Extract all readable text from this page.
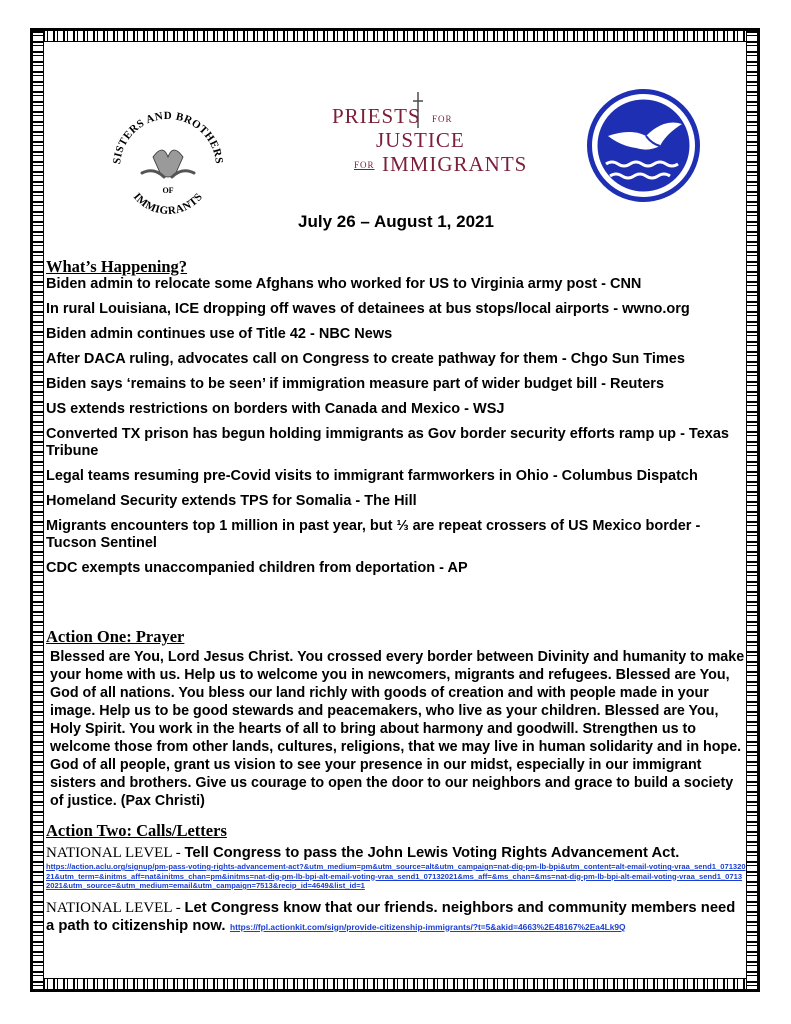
SISTERS AND BROTHERS
IMMIGRANTS
OF
PRIESTS FOR
JUSTICE
FOR IMMIGRANTS
July 26 – August 1, 2021
What’s Happening?

Biden admin to relocate some Afghans who worked for US to Virginia army post - CNN

In rural Louisiana, ICE dropping off waves of detainees at bus stops/local airports - wwno.org

Biden admin continues use of Title 42 - NBC News

After DACA ruling, advocates call on Congress to create pathway for them - Chgo Sun Times

Biden says ‘remains to be seen’ if immigration measure part of wider budget bill - Reuters

US extends restrictions on borders with Canada and Mexico - WSJ

Converted TX prison has begun holding immigrants as Gov border security efforts ramp up - Texas Tribune

Legal teams resuming pre-Covid visits to immigrant farmworkers in Ohio - Columbus Dispatch

Homeland Security extends TPS for Somalia - The Hill

Migrants encounters top 1 million in past year, but ⅓ are repeat crossers of US Mexico border - Tucson Sentinel

CDC exempts unaccompanied children from deportation - AP

Action One: Prayer

Blessed are You, Lord Jesus Christ. You crossed every border between Divinity and humanity to make your home with us. Help us to welcome you in newcomers, migrants and refugees. Blessed are You, God of all nations. You bless our land richly with goods of creation and with people made in your image. Help us to be good stewards and peacemakers, who live as your children. Blessed are You, Holy Spirit. You work in the hearts of all to bring about harmony and goodwill. Strengthen us to welcome those from other lands, cultures, religions, that we may live in human solidarity and in hope. God of all people, grant us vision to see your presence in our midst, especially in our immigrant sisters and brothers. Give us courage to open the door to our neighbors and grace to build a society of justice. (Pax Christi)

Action Two: Calls/Letters
NATIONAL LEVEL - Tell Congress to pass the John Lewis Voting Rights Advancement Act.
https://action.aclu.org/signup/pm-pass-voting-rights-advancement-act?&utm_medium=pm&utm_source=alt&utm_campaign=nat-dig-pm-lb-bpi&utm_content=alt-email-voting-vraa_send1_07132021&utm_term=&initms_aff=nat&initms_chan=pm&initms=nat-dig-pm-lb-bpi-alt-email-voting-vraa_send1_07132021&ms_aff=&ms_chan=&ms=nat-dig-pm-lb-bpi-alt-email-voting-vraa_send1_07132021&utm_source=&utm_medium=email&utm_campaign=7513&recip_id=4649&list_id=1
NATIONAL LEVEL - Let Congress know that our friends. neighbors and community members need a path to citizenship now. https://fpl.actionkit.com/sign/provide-citizenship-immigrants/?t=5&akid=4663%2E48167%2Ea4Lk9Q
